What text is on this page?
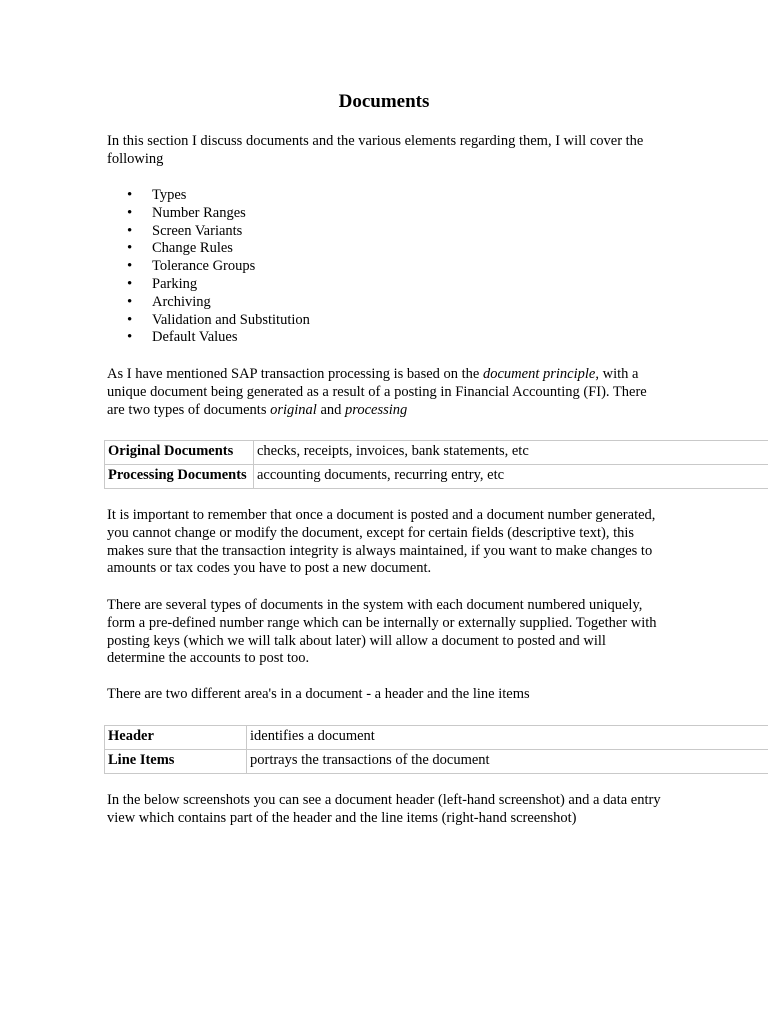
Documents

In this section I discuss documents and the various elements regarding them, I will cover the following

• Types
• Number Ranges
• Screen Variants
• Change Rules
• Tolerance Groups
• Parking
• Archiving
• Validation and Substitution
• Default Values

As I have mentioned SAP transaction processing is based on the document principle, with a unique document being generated as a result of a posting in Financial Accounting (FI). There are two types of documents original and processing

Original Documents	checks, receipts, invoices, bank statements, etc
Processing Documents	accounting documents, recurring entry, etc

It is important to remember that once a document is posted and a document number generated, you cannot change or modify the document, except for certain fields (descriptive text), this makes sure that the transaction integrity is always maintained, if you want to make changes to amounts or tax codes you have to post a new document.

There are several types of documents in the system with each document numbered uniquely, form a pre-defined number range which can be internally or externally supplied. Together with posting keys (which we will talk about later) will allow a document to posted and will determine the accounts to post too.

There are two different area's in a document - a header and the line items

Header	identifies a document
Line Items	portrays the transactions of the document

In the below screenshots you can see a document header (left-hand screenshot) and a data entry view which contains part of the header and the line items (right-hand screenshot)
